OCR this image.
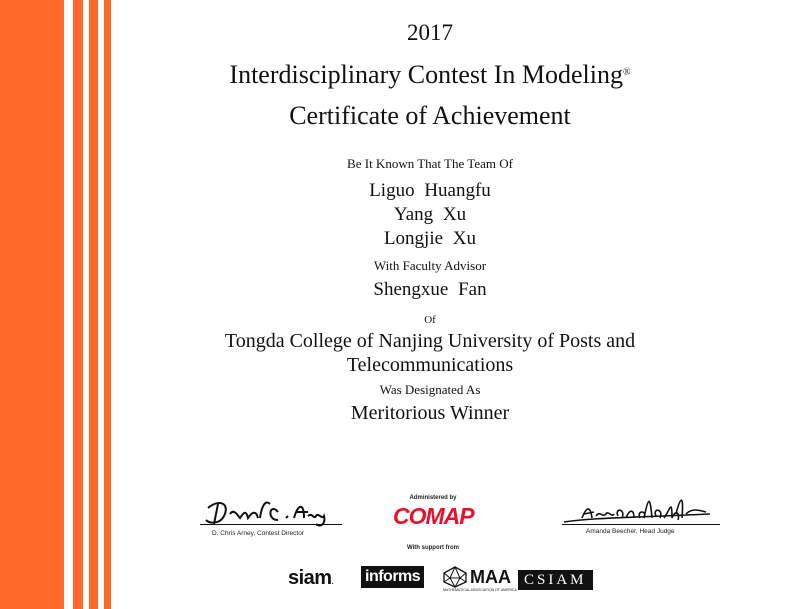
2017
Interdisciplinary Contest In Modeling®
Certificate of Achievement
Be It Known That The Team Of
Liguo Huangfu
Yang Xu
Longjie Xu
With Faculty Advisor
Shengxue Fan
Of
Tongda College of Nanjing University of Posts and
Telecommunications
Was Designated As
Meritorious Winner
D. Chris Arney, Contest Director	Amanda Beecher, Head Judge
Administered by
COMAP
With support from
siam. informs	MAA
MATHEMATICAL ASSOCIATION OF AMERICA
CSIAM
